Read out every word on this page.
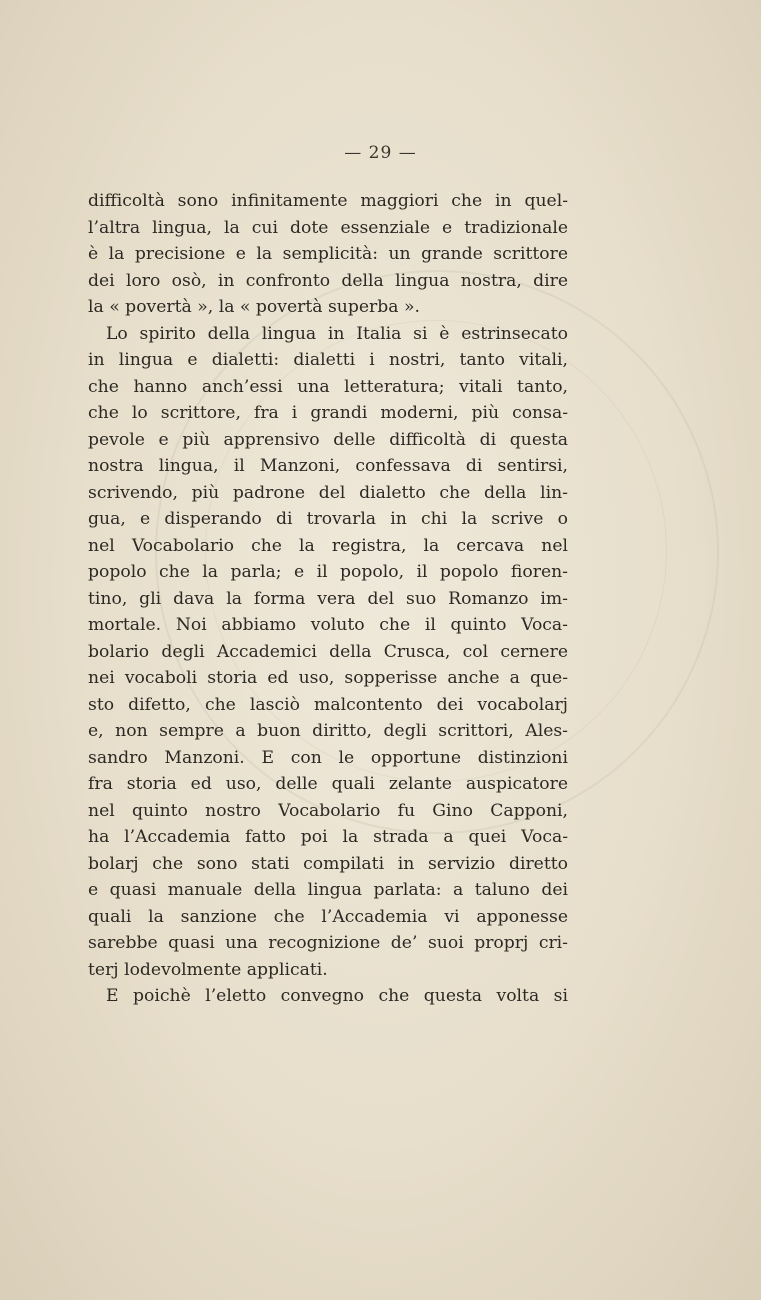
— 29 —
difficoltà sono infinitamente maggiori che in quel-
l’altra lingua, la cui dote essenziale e tradizionale
è la precisione e la semplicità: un grande scrittore
dei loro osò, in confronto della lingua nostra, dire
la « povertà », la « povertà superba ».
Lo spirito della lingua in Italia si è estrinsecato
in lingua e dialetti: dialetti i nostri, tanto vitali,
che hanno anch’essi una letteratura; vitali tanto,
che lo scrittore, fra i grandi moderni, più consa-
pevole e più apprensivo delle difficoltà di questa
nostra lingua, il Manzoni, confessava di sentirsi,
scrivendo, più padrone del dialetto che della lin-
gua, e disperando di trovarla in chi la scrive o
nel Vocabolario che la registra, la cercava nel
popolo che la parla; e il popolo, il popolo fioren-
tino, gli dava la forma vera del suo Romanzo im-
mortale. Noi abbiamo voluto che il quinto Voca-
bolario degli Accademici della Crusca, col cernere
nei vocaboli storia ed uso, sopperisse anche a que-
sto difetto, che lasciò malcontento dei vocabolarj
e, non sempre a buon diritto, degli scrittori, Ales-
sandro Manzoni. E con le opportune distinzioni
fra storia ed uso, delle quali zelante auspicatore
nel quinto nostro Vocabolario fu Gino Capponi,
ha l’Accademia fatto poi la strada a quei Voca-
bolarj che sono stati compilati in servizio diretto
e quasi manuale della lingua parlata: a taluno dei
quali la sanzione che l’Accademia vi apponesse
sarebbe quasi una recognizione de’ suoi proprj cri-
terj lodevolmente applicati.
E poichè l’eletto convegno che questa volta si
